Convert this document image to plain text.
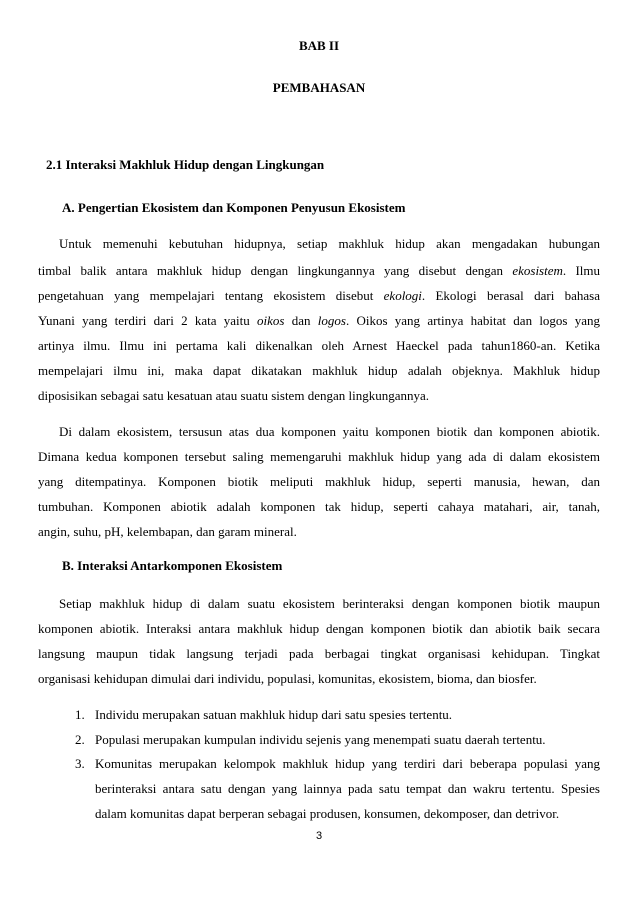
BAB II
PEMBAHASAN
2.1 Interaksi Makhluk Hidup dengan Lingkungan
A. Pengertian Ekosistem dan Komponen Penyusun Ekosistem
Untuk memenuhi kebutuhan hidupnya, setiap makhluk hidup akan mengadakan hubungan
timbal balik antara makhluk hidup dengan lingkungannya yang disebut dengan ekosistem. Ilmu
pengetahuan yang mempelajari tentang ekosistem disebut ekologi. Ekologi berasal dari bahasa
Yunani yang terdiri dari 2 kata yaitu oikos dan logos. Oikos yang artinya habitat dan logos yang
artinya ilmu. Ilmu ini pertama kali dikenalkan oleh Arnest Haeckel pada tahun1860-an. Ketika
mempelajari ilmu ini, maka dapat dikatakan makhluk hidup adalah objeknya. Makhluk hidup
diposisikan sebagai satu kesatuan atau suatu sistem dengan lingkungannya.
Di dalam ekosistem, tersusun atas dua komponen yaitu komponen biotik dan komponen abiotik.
Dimana kedua komponen tersebut saling memengaruhi makhluk hidup yang ada di dalam ekosistem
yang ditempatinya. Komponen biotik meliputi makhluk hidup, seperti manusia, hewan, dan
tumbuhan. Komponen abiotik adalah komponen tak hidup, seperti cahaya matahari, air, tanah,
angin, suhu, pH, kelembapan, dan garam mineral.
B. Interaksi Antarkomponen Ekosistem
Setiap makhluk hidup di dalam suatu ekosistem berinteraksi dengan komponen biotik maupun
komponen abiotik. Interaksi antara makhluk hidup dengan komponen biotik dan abiotik baik secara
langsung maupun tidak langsung terjadi pada berbagai tingkat organisasi kehidupan. Tingkat
organisasi kehidupan dimulai dari individu, populasi, komunitas, ekosistem, bioma, dan biosfer.
1. Individu merupakan satuan makhluk hidup dari satu spesies tertentu.
2. Populasi merupakan kumpulan individu sejenis yang menempati suatu daerah tertentu.
3. Komunitas merupakan kelompok makhluk hidup yang terdiri dari beberapa populasi yang
berinteraksi antara satu dengan yang lainnya pada satu tempat dan wakru tertentu. Spesies
dalam komunitas dapat berperan sebagai produsen, konsumen, dekomposer, dan detrivor.
3
